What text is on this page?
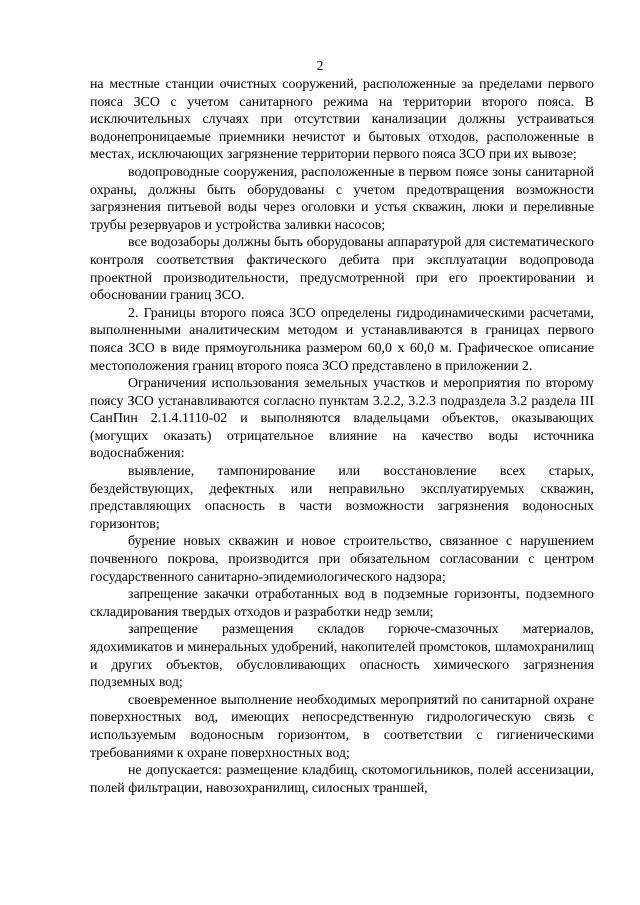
2

на местные станции очистных сооружений, расположенные за пределами первого пояса ЗСО с учетом санитарного режима на территории второго пояса. В исключительных случаях при отсутствии канализации должны устраиваться водонепроницаемые приемники нечистот и бытовых отходов, расположенные в местах, исключающих загрязнение территории первого пояса ЗСО при их вывозе;

водопроводные сооружения, расположенные в первом поясе зоны санитарной охраны, должны быть оборудованы с учетом предотвращения возможности загрязнения питьевой воды через оголовки и устья скважин, люки и переливные трубы резервуаров и устройства заливки насосов;

все водозаборы должны быть оборудованы аппаратурой для систематического контроля соответствия фактического дебита при эксплуатации водопровода проектной производительности, предусмотренной при его проектировании и обосновании границ ЗСО.

2. Границы второго пояса ЗСО определены гидродинамическими расчетами, выполненными аналитическим методом и устанавливаются в границах первого пояса ЗСО в виде прямоугольника размером 60,0 х 60,0 м. Графическое описание местоположения границ второго пояса ЗСО представлено в приложении 2.

Ограничения использования земельных участков и мероприятия по второму поясу ЗСО устанавливаются согласно пунктам 3.2.2, 3.2.3 подраздела 3.2 раздела III СанПин 2.1.4.1110-02 и выполняются владельцами объектов, оказывающих (могущих оказать) отрицательное влияние на качество воды источника водоснабжения:

выявление, тампонирование или восстановление всех старых, бездействующих, дефектных или неправильно эксплуатируемых скважин, представляющих опасность в части возможности загрязнения водоносных горизонтов;

бурение новых скважин и новое строительство, связанное с нарушением почвенного покрова, производится при обязательном согласовании с центром государственного санитарно-эпидемиологического надзора;

запрещение закачки отработанных вод в подземные горизонты, подземного складирования твердых отходов и разработки недр земли;

запрещение размещения складов горюче-смазочных материалов, ядохимикатов и минеральных удобрений, накопителей промстоков, шламохранилищ и других объектов, обусловливающих опасность химического загрязнения подземных вод;

своевременное выполнение необходимых мероприятий по санитарной охране поверхностных вод, имеющих непосредственную гидрологическую связь с используемым водоносным горизонтом, в соответствии с гигиеническими требованиями к охране поверхностных вод;

не допускается: размещение кладбищ, скотомогильников, полей ассенизации, полей фильтрации, навозохранилищ, силосных траншей,
